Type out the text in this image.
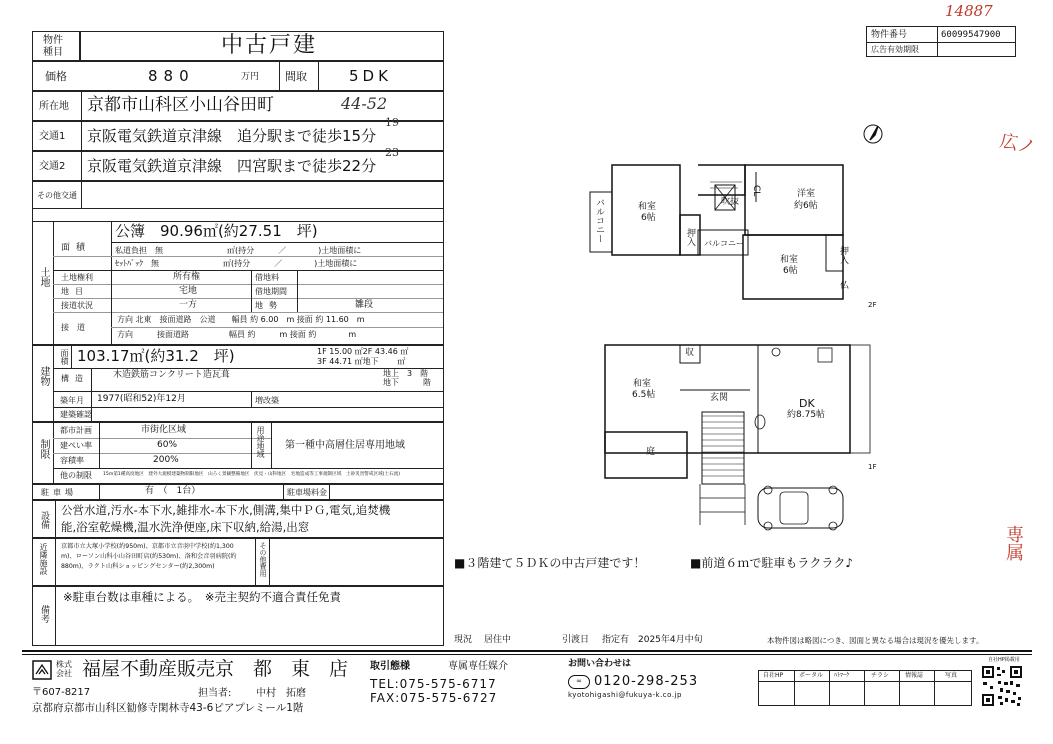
14887
広ノ
専属
物件
種目	中古戸建
価格	880	万円 間取	5DK
所在地 京都市山科区小山谷田町	44-52
交通1 京阪電気鉄道京津線　追分駅まで徒歩15分
19
交通2 京阪電気鉄道京津線　四宮駅まで徒歩22分
23
その他交通
土地
面積
公簿　90.96㎡(約27.51　坪)
私道負担　無　　　　　　　　㎡(持分　　　／　　　　)土地面積に
ｾｯﾄﾊﾞｯｸ　無　　　　　　　　㎡(持分　　　／　　　　)土地面積に
土地権利	所有権	借地料
地目	宅地	借地期間
接道状況	一方	地勢	雛段
接道
方向 北東　接面道路　公道　　幅員 約 6.00　m 接面 約 11.60　m
方向　　　接面道路　　　　　幅員 約　　　m 接面 約　　　　m
建物
面積 103.17㎡(約31.2　坪)	1F 15.00 ㎡2F 43.46 ㎡
3F 44.71 ㎡地下 　　㎡
構造	木造鉄筋コンクリート造瓦葺	地上　3　階
地下　　　階
築年月 1977(昭和52)年12月	増改築
建築確認
制限
都市計画	市街化区域
建ぺい率	60%
容積率	200%
用途地域 第一種中高層住居専用地域
他の制限 15m第1種高度地区　建外大規模建築物制限地区　山ろく景観整備地区　伏見・山科地区　宅地造成等工事規制区域　土砂災害警戒区域(土石流)
駐車場	有　（　1台）	駐車場料金
設備
公営水道,汚水-本下水,雑排水-本下水,側溝,集中ＰＧ,電気,追焚機
能,浴室乾燥機,温水洗浄便座,床下収納,給湯,出窓
近隣施設 京都市立大塚小学校(約950m)、京都市立音羽中学校(約1,300
m)、ローソン山科小山谷田町店(約530m)、洛和会音羽病院(約
880m)、ラクト山科ショッピングセンター(約2,300m)	その他費用
備考
※駐車台数は車種による。　※売主契約不適合責任免責
物件番号	60099547900
広告有効期限
バルコニー	和室
6帖
押入
CL
吹抜
バルコニー
洋室
約6帖
和室
6帖
押入
仏
2F
収
和室
6.5帖	玄関	DK
約8.75帖
庭
1F
■３階建て５ＤＫの中古戸建です！	■前道６ｍで駐車もラクラク♪
現況 居住中	引渡日 指定有　2025年4月中旬	本物件図は略図につき、図面と異なる場合は現況を優先します。
株式会社 福屋不動産販売京　都　東　店
〒607-8217	担当者: 中村　拓磨
京都府京都市山科区勧修寺閑林寺43-6ピアプレミール1階
取引態様	専属専任媒介
TEL:075-575-6717
FAX:075-575-6727
お問い合わせは
∞ 0120-298-253
kyotohigashi@fukuya-k.co.jp
自社HP	ポータル ﾊﾄﾏｰｸ	チラシ	情報誌	写真
自社HP掲載用
